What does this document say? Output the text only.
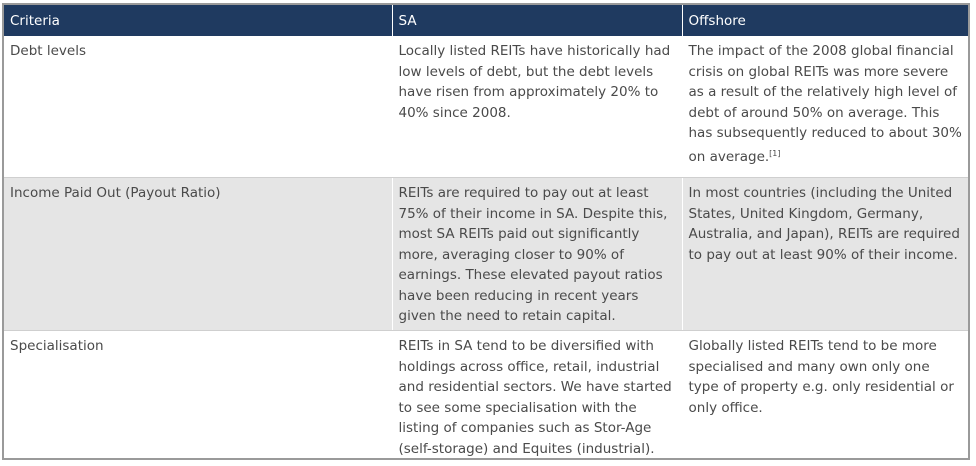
Criteria	SA	Offshore
Debt levels	Locally listed REITs have historically had low levels of debt, but the debt levels have risen from approximately 20% to 40% since 2008.	The impact of the 2008 global financial crisis on global REITs was more severe as a result of the relatively high level of debt of around 50% on average. This has subsequently reduced to about 30% on average.[1]
Income Paid Out (Payout Ratio)	REITs are required to pay out at least 75% of their income in SA. Despite this, most SA REITs paid out significantly more, averaging closer to 90% of earnings. These elevated payout ratios have been reducing in recent years given the need to retain capital.	In most countries (including the United States, United Kingdom, Germany, Australia, and Japan), REITs are required to pay out at least 90% of their income.
Specialisation	REITs in SA tend to be diversified with holdings across office, retail, industrial and residential sectors. We have started to see some specialisation with the listing of companies such as Stor-Age (self-storage) and Equites (industrial).	Globally listed REITs tend to be more specialised and many own only one type of property e.g. only residential or only office.
